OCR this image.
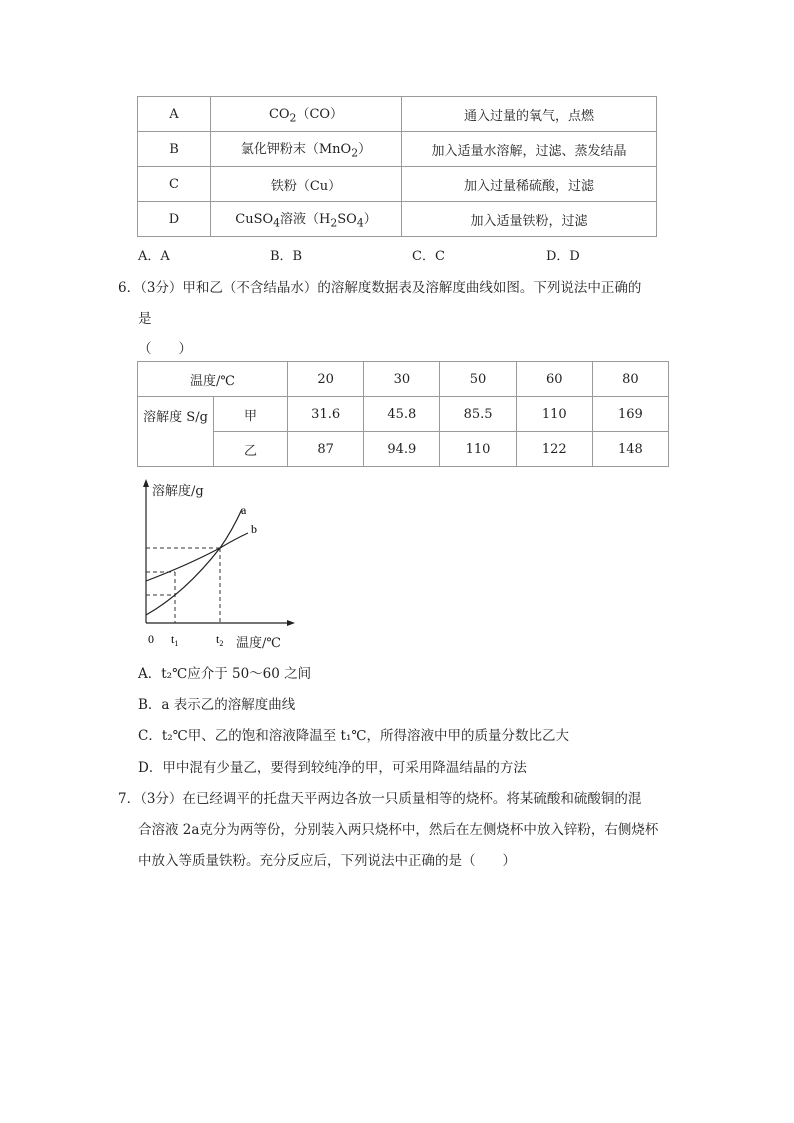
A	$CO_2(CO)$	通入过量的氧气，点燃
B	氯化钾粉末（MnO$_2$）	加入适量水溶解，过滤、蒸发结晶
C	铁粉（Cu）	加入过量稀硫酸，过滤
D	CuSO$_4$溶液$(H_2SO_4)$	加入适量铁粉，过滤
A．A	B．B	C．C	D．D
6．（3分）甲和乙（不含结晶水）的溶解度数据表及溶解度曲线如图。下列说法中正确的
是
（　　）
温度/℃		20	30	50	60	80
溶解度 S/g	甲	31.6	45.8	85.5	110	169
	乙	87	94.9	110	122	148
a
b
0 $t_1$	$t_2$
溶解度/g
温度/℃
A．t₂℃应介于 50～60 之间
B．a 表示乙的溶解度曲线
C．t₂℃甲、乙的饱和溶液降温至 t₁℃，所得溶液中甲的质量分数比乙大
D．甲中混有少量乙，要得到较纯净的甲，可采用降温结晶的方法
7．（3分）在已经调平的托盘天平两边各放一只质量相等的烧杯。将某硫酸和硫酸铜的混
合溶液 2a克分为两等份，分别装入两只烧杯中，然后在左侧烧杯中放入锌粉，右侧烧杯
中放入等质量铁粉。充分反应后，下列说法中正确的是（　　）
